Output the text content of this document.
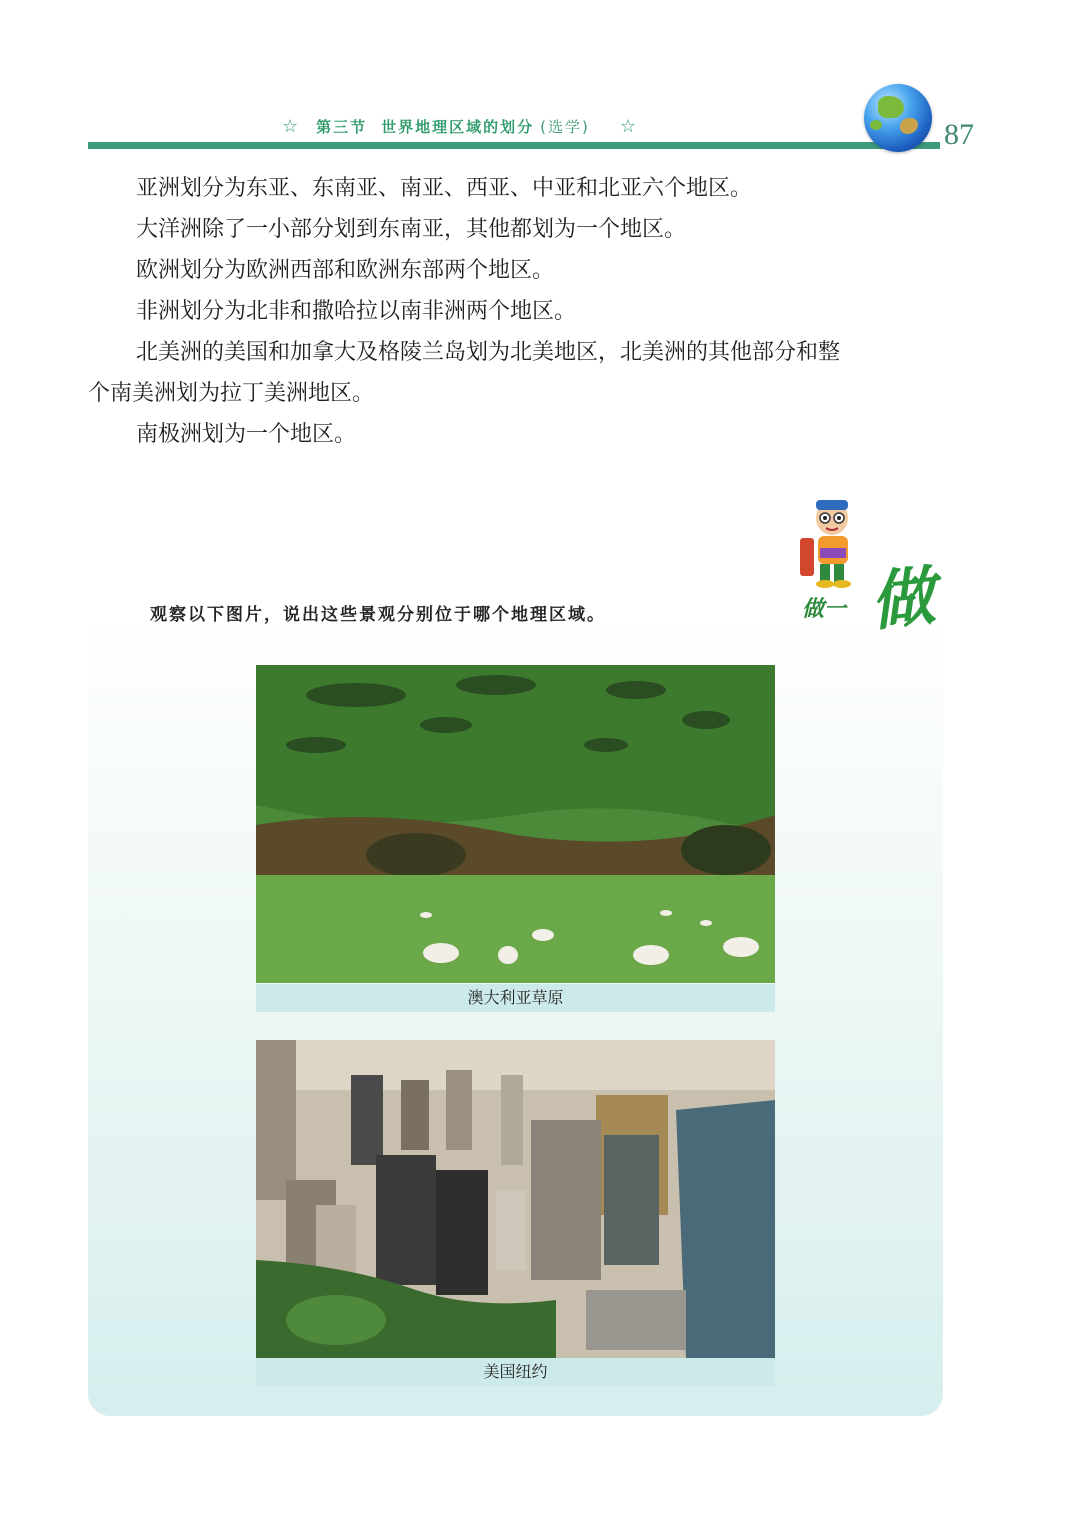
☆ 第三节 世界地理区域的划分 (选学) ☆	87

亚洲划分为东亚、东南亚、南亚、西亚、中亚和北亚六个地区。

大洋洲除了一小部分划到东南亚，其他都划为一个地区。

欧洲划分为欧洲西部和欧洲东部两个地区。

非洲划分为北非和撒哈拉以南非洲两个地区。

北美洲的美国和加拿大及格陵兰岛划为北美地区，北美洲的其他部分和整个南美洲划为拉丁美洲地区。

南极洲划为一个地区。

做一 做
观察以下图片，说出这些景观分别位于哪个地理区域。
澳大利亚草原
美国纽约
